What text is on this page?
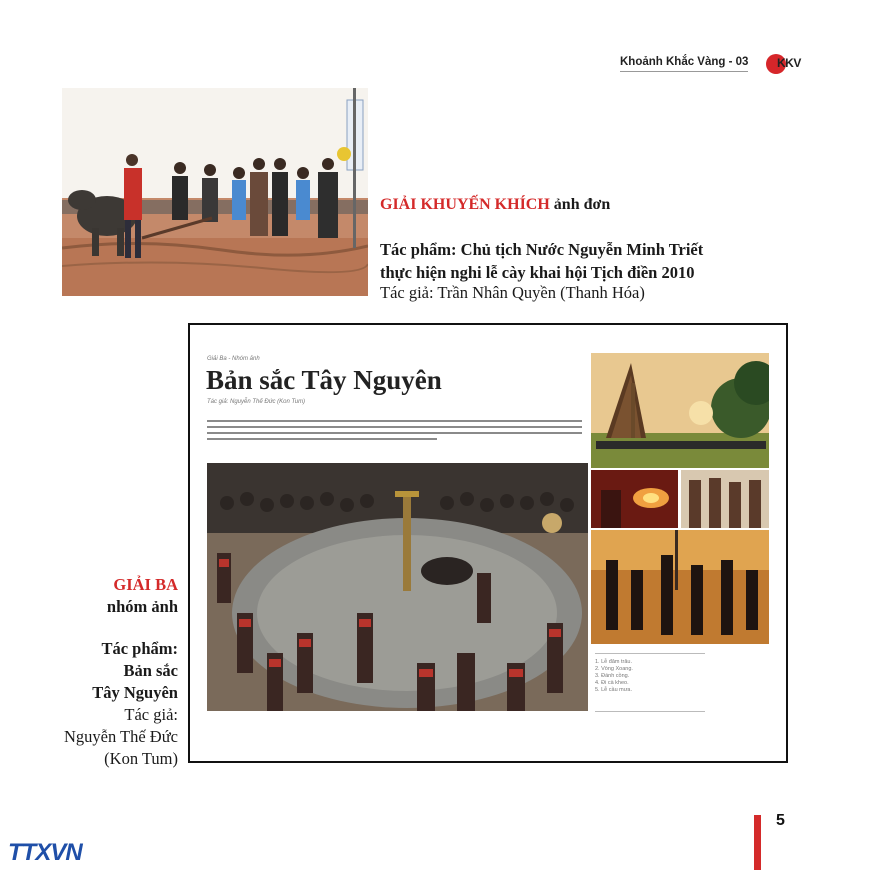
Khoảnh Khắc Vàng - 03 KKV
GIẢI KHUYẾN KHÍCH ảnh đơn
Tác phẩm: Chủ tịch Nước Nguyễn Minh Triết
thực hiện nghi lễ cày khai hội Tịch điền 2010
Tác giả: Trần Nhân Quyền (Thanh Hóa)
Giải Ba - Nhóm ảnh
Bản sắc Tây Nguyên
Tác giả: Nguyễn Thế Đức (Kon Tum)
1. Lễ đâm trâu.
2. Vòng Xoang.
3. Đánh cồng.
4. Đi cà kheo.
5. Lễ cầu mưa.
GIẢI BA
nhóm ảnh
Tác phẩm:
Bản sắc
Tây Nguyên
Tác giả:
Nguyễn Thế Đức
(Kon Tum)
5
TTXVN
